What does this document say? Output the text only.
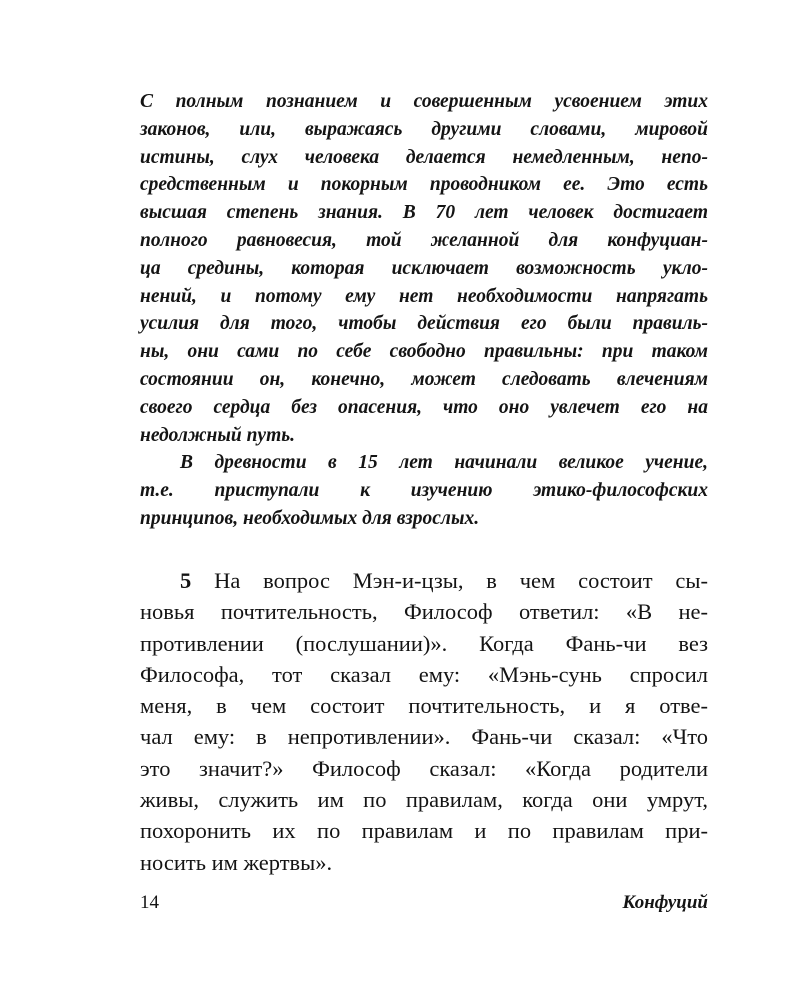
С полным познанием и совершенным усвоением этих
законов, или, выражаясь другими словами, мировой
истины, слух человека делается немедленным, непо-
средственным и покорным проводником ее. Это есть
высшая степень знания. В 70 лет человек достигает
полного равновесия, той желанной для конфуциан-
ца средины, которая исключает возможность укло-
нений, и потому ему нет необходимости напрягать
усилия для того, чтобы действия его были правиль-
ны, они сами по себе свободно правильны: при таком
состоянии он, конечно, может следовать влечениям
своего сердца без опасения, что оно увлечет его на
недолжный путь.
В древности в 15 лет начинали великое учение,
т.е. приступали к изучению этико-философских
принципов, необходимых для взрослых.
5 На вопрос Мэн-и-цзы, в чем состоит сы-
новья почтительность, Философ ответил: «В не-
противлении (послушании)». Когда Фань-чи вез
Философа, тот сказал ему: «Мэнь-сунь спросил
меня, в чем состоит почтительность, и я отве-
чал ему: в непротивлении». Фань-чи сказал: «Что
это значит?» Философ сказал: «Когда родители
живы, служить им по правилам, когда они умрут,
похоронить их по правилам и по правилам при-
носить им жертвы».
14	Конфуций
